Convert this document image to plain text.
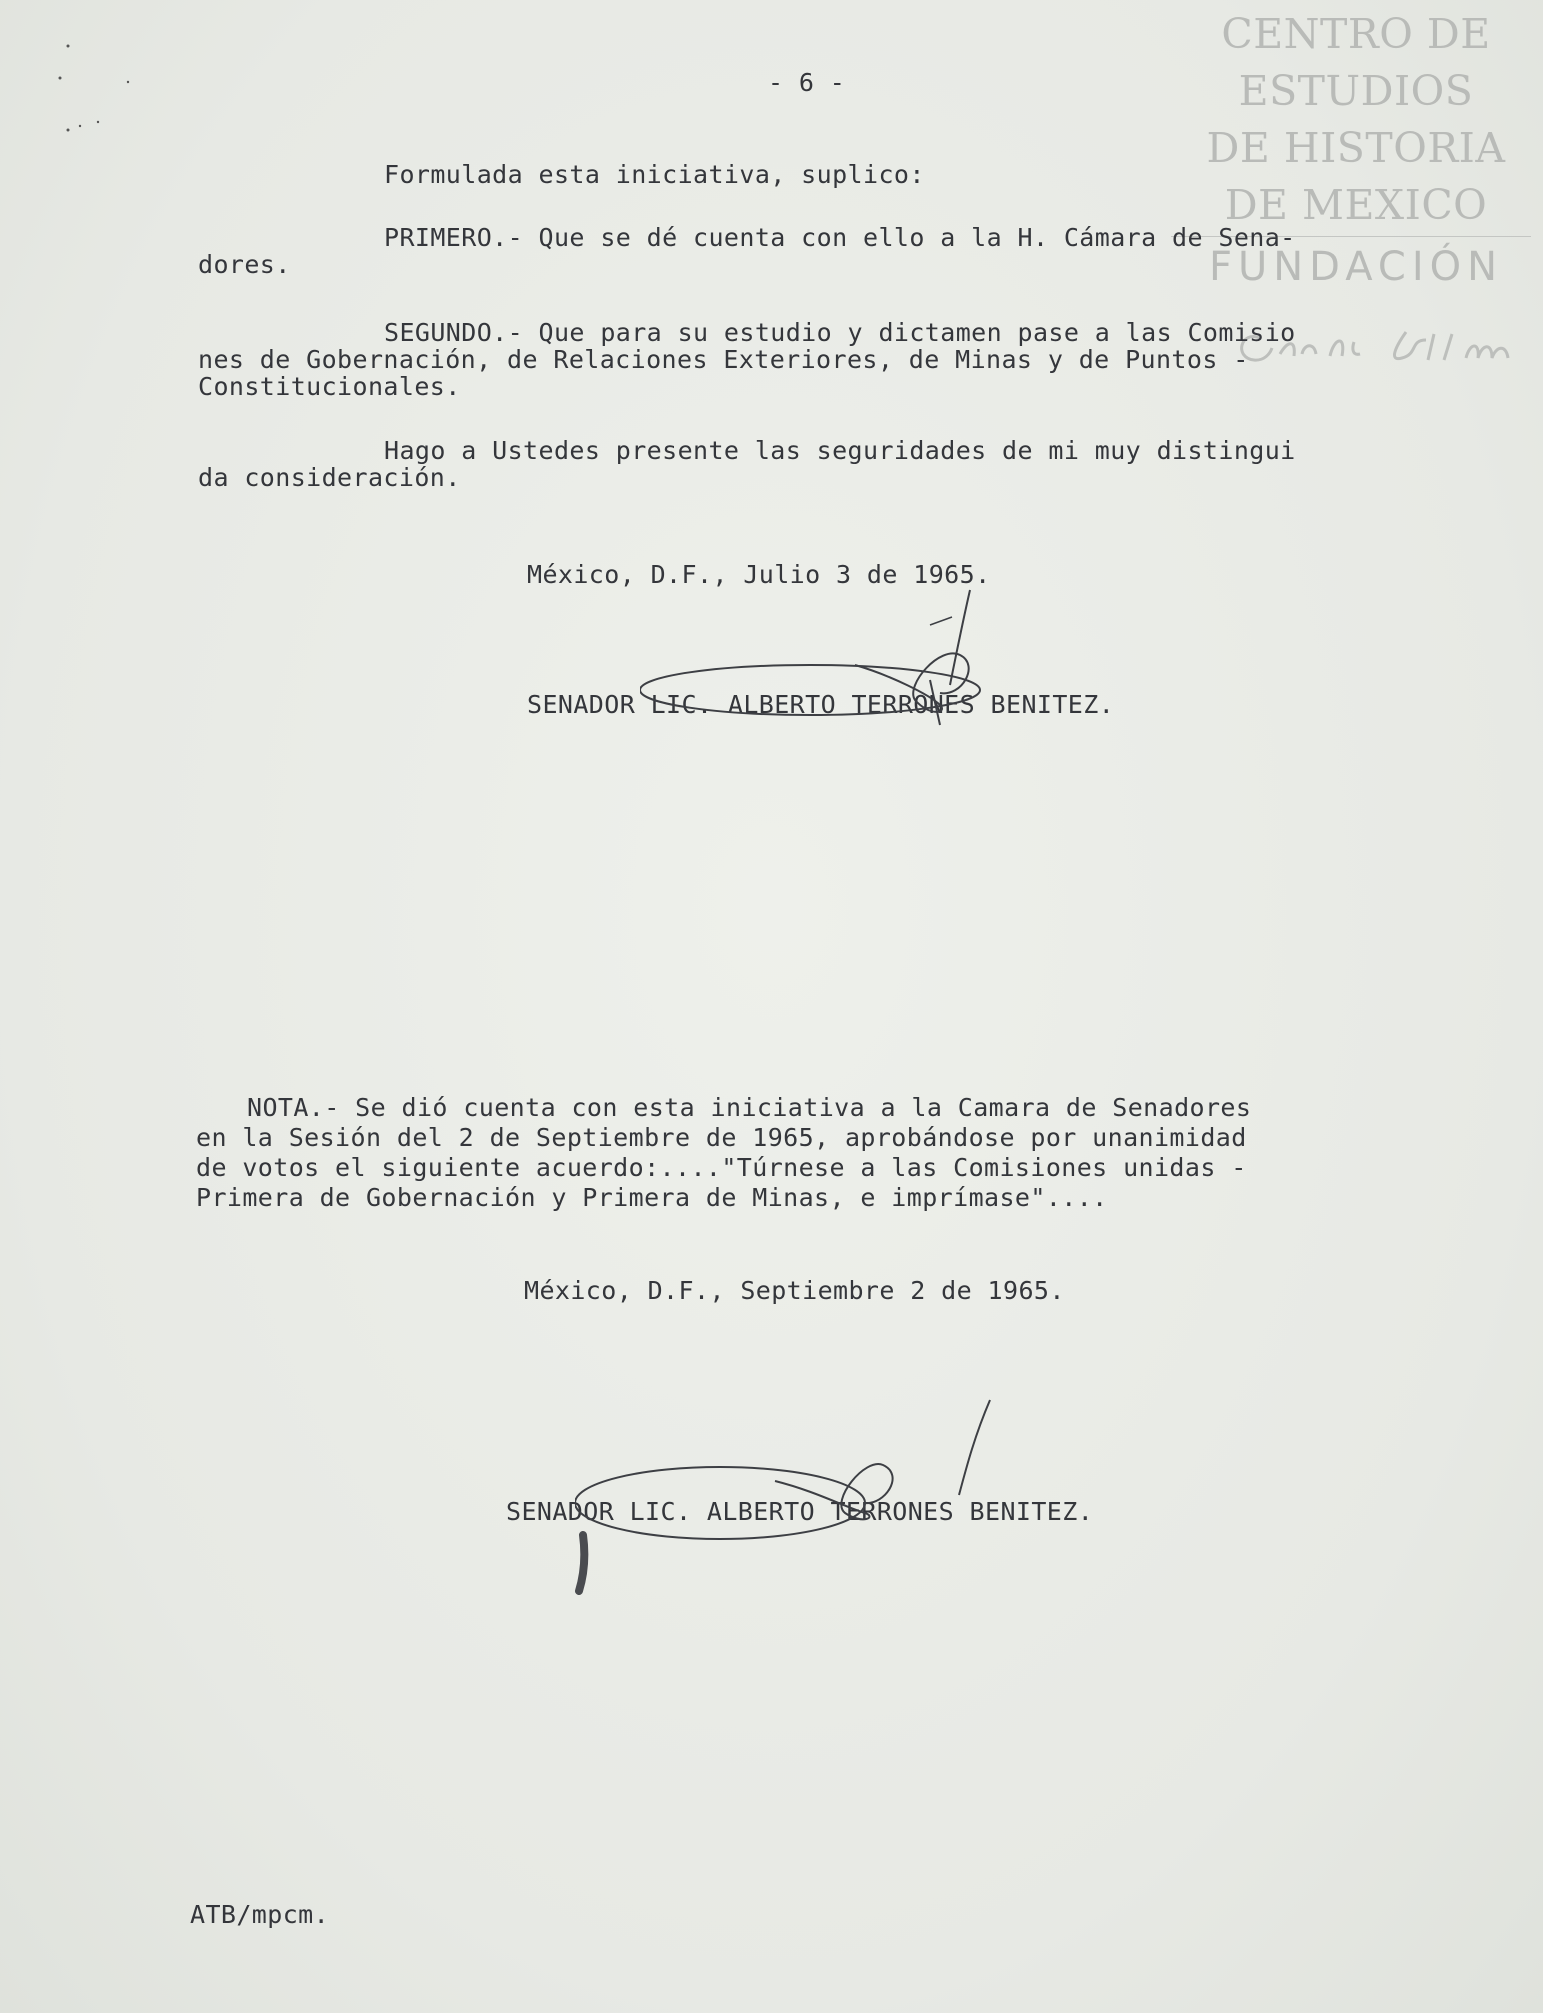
CENTRO DE
ESTUDIOS
DE HISTORIA
DE MEXICO
FUNDACIÓN
- 6 -
Formulada esta iniciativa, suplico:
PRIMERO.- Que se dé cuenta con ello a la H. Cámara de Sena-
dores.
SEGUNDO.- Que para su estudio y dictamen pase a las Comisio
nes de Gobernación, de Relaciones Exteriores, de Minas y de Puntos -
Constitucionales.
Hago a Ustedes presente las seguridades de mi muy distingui
da consideración.
México, D.F., Julio 3 de 1965.
SENADOR LIC. ALBERTO TERRONES BENITEZ.
NOTA.- Se dió cuenta con esta iniciativa a la Camara de Senadores
en la Sesión del 2 de Septiembre de 1965, aprobándose por unanimidad
de votos el siguiente acuerdo:...."Túrnese a las Comisiones unidas -
Primera de Gobernación y Primera de Minas, e imprímase"....
México, D.F., Septiembre 2 de 1965.
SENADOR LIC. ALBERTO TERRONES BENITEZ.
ATB/mpcm.
